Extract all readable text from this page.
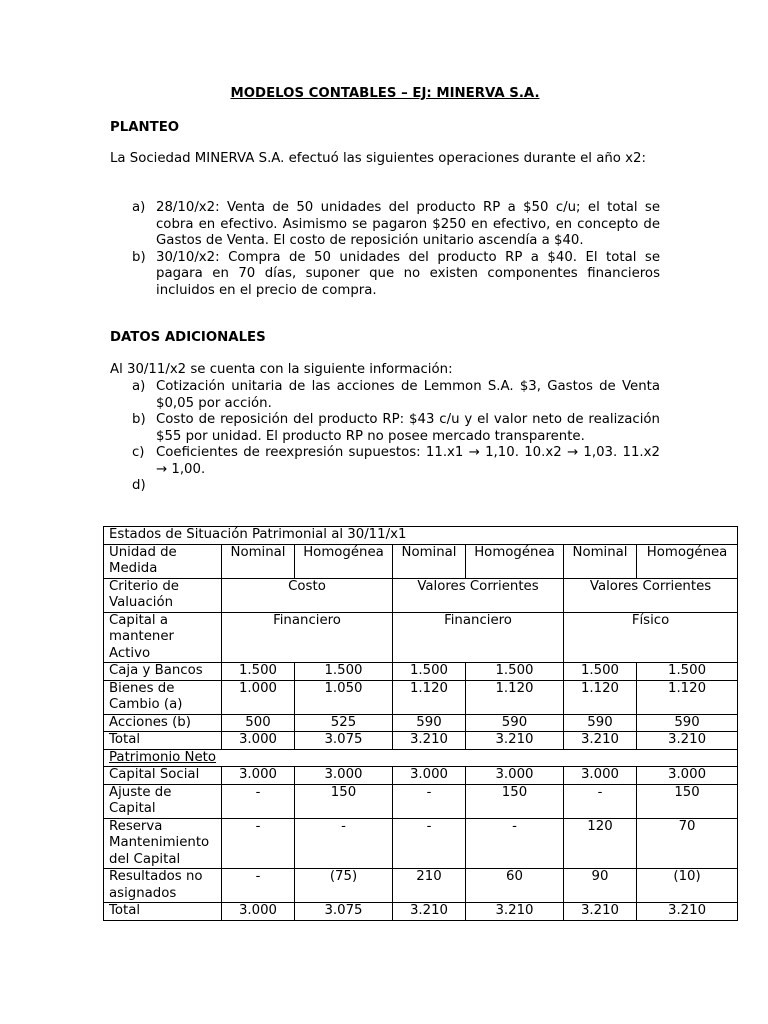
MODELOS CONTABLES – EJ: MINERVA S.A.
PLANTEO
La Sociedad MINERVA S.A. efectuó las siguientes operaciones durante el año x2:
a) 28/10/x2: Venta de 50 unidades del producto RP a $50 c/u; el total se cobra en efectivo. Asimismo se pagaron $250 en efectivo, en concepto de Gastos de Venta. El costo de reposición unitario ascendía a $40.
b) 30/10/x2: Compra de 50 unidades del producto RP a $40. El total se pagara en 70 días, suponer que no existen componentes financieros incluidos en el precio de compra.
DATOS ADICIONALES
Al 30/11/x2 se cuenta con la siguiente información:
a) Cotización unitaria de las acciones de Lemmon S.A. $3, Gastos de Venta $0,05 por acción.
b) Costo de reposición del producto RP: $43 c/u y el valor neto de realización $55 por unidad. El producto RP no posee mercado transparente.
c) Coeficientes de reexpresión supuestos: 11.x1 → 1,10. 10.x2 → 1,03. 11.x2 → 1,00.
d)
Estados de Situación Patrimonial al 30/11/x1						
Unidad de Medida	Nominal	Homogénea	Nominal	Homogénea	Nominal	Homogénea
Criterio de Valuación	Costo		Valores Corrientes		Valores Corrientes	
Capital a mantener Activo	Financiero		Financiero		Físico	
Caja y Bancos	1.500	1.500	1.500	1.500	1.500	1.500
Bienes de Cambio (a)	1.000	1.050	1.120	1.120	1.120	1.120
Acciones (b)	500	525	590	590	590	590
Total	3.000	3.075	3.210	3.210	3.210	3.210
Patrimonio Neto						
Capital Social	3.000	3.000	3.000	3.000	3.000	3.000
Ajuste de Capital	-	150	-	150	-	150
Reserva Mantenimiento del Capital	-	-	-	-	120	70
Resultados no asignados	-	(75)	210	60	90	(10)
Total	3.000	3.075	3.210	3.210	3.210	3.210
